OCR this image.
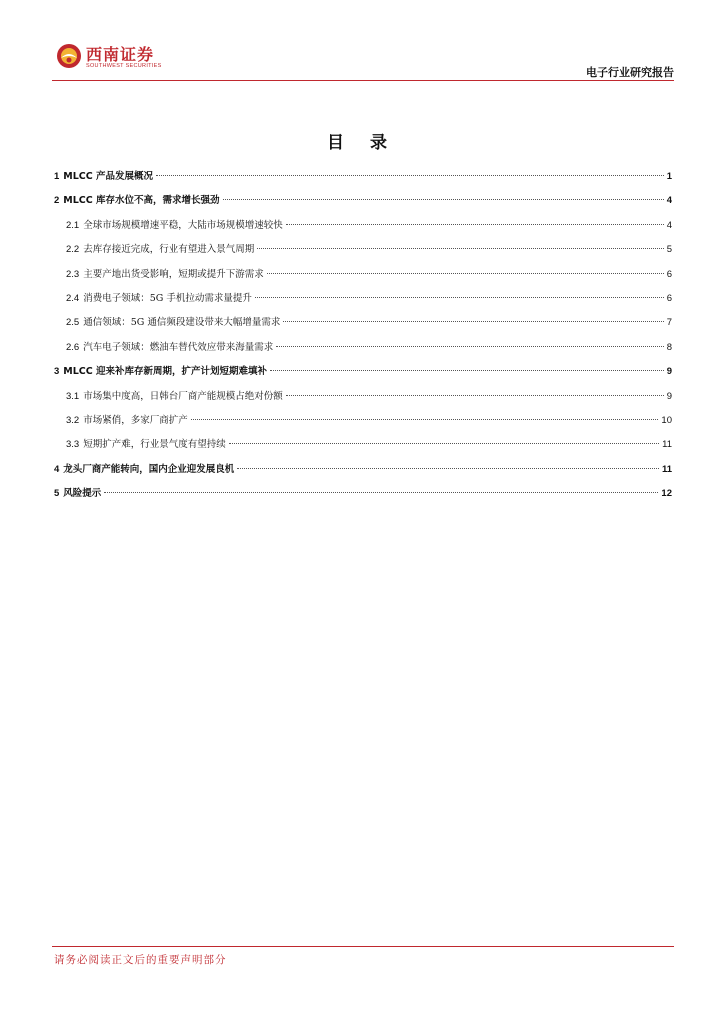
西南证券
SOUTHWEST SECURITIES	电子行业研究报告
目 录
1 MLCC 产品发展概况	1
2 MLCC 库存水位不高，需求增长强劲	4
2.1 全球市场规模增速平稳，大陆市场规模增速较快	4
2.2 去库存接近完成，行业有望进入景气周期	5
2.3 主要产地出货受影响，短期或提升下游需求	6
2.4 消费电子领域：5G 手机拉动需求量提升	6
2.5 通信领域：5G 通信频段建设带来大幅增量需求	7
2.6 汽车电子领域：燃油车替代效应带来海量需求	8
3 MLCC 迎来补库存新周期，扩产计划短期难填补	9
3.1 市场集中度高，日韩台厂商产能规模占绝对份额	9
3.2 市场紧俏，多家厂商扩产	10
3.3 短期扩产难，行业景气度有望持续	11
4 龙头厂商产能转向，国内企业迎发展良机	11
5 风险提示	12
请务必阅读正文后的重要声明部分
